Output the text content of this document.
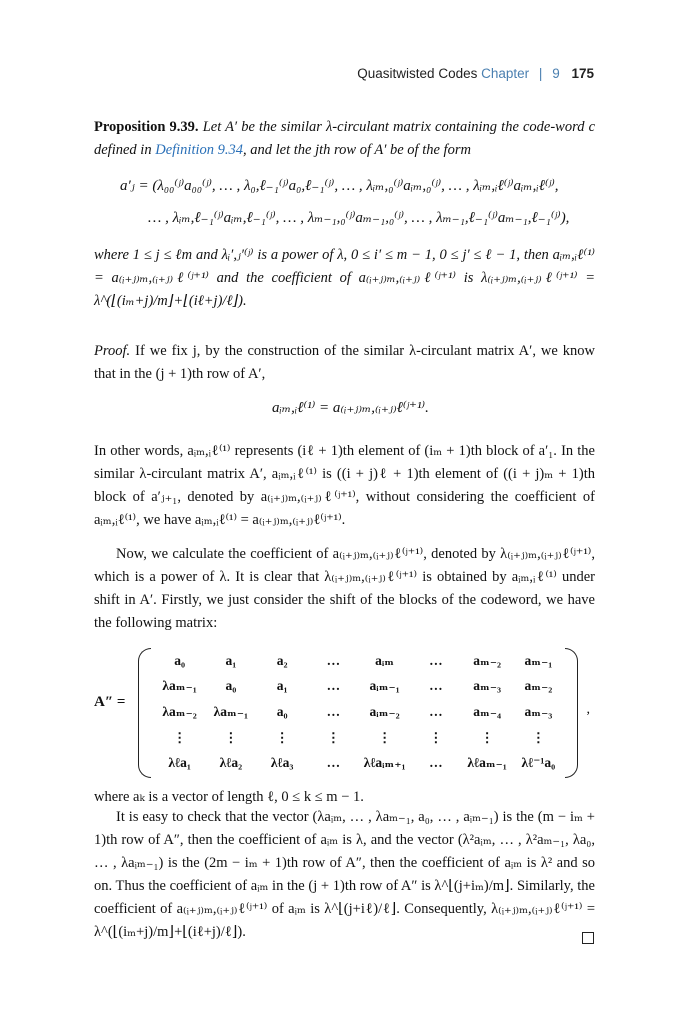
Quasitwisted Codes Chapter | 9 175
Proposition 9.39. Let A′ be the similar λ-circulant matrix containing the code-word c defined in Definition 9.34, and let the jth row of A′ be of the form
a′ⱼ = (λ₀₀⁽ʲ⁾a₀₀⁽ʲ⁾, … , λ₀,ℓ₋₁⁽ʲ⁾a₀,ℓ₋₁⁽ʲ⁾, … , λᵢₘ,₀⁽ʲ⁾aᵢₘ,₀⁽ʲ⁾, … , λᵢₘ,ᵢℓ⁽ʲ⁾aᵢₘ,ᵢℓ⁽ʲ⁾,
… , λᵢₘ,ℓ₋₁⁽ʲ⁾aᵢₘ,ℓ₋₁⁽ʲ⁾, … , λₘ₋₁,₀⁽ʲ⁾aₘ₋₁,₀⁽ʲ⁾, … , λₘ₋₁,ℓ₋₁⁽ʲ⁾aₘ₋₁,ℓ₋₁⁽ʲ⁾),
where 1 ≤ j ≤ ℓm and λᵢ′,ⱼ′⁽ʲ⁾ is a power of λ, 0 ≤ i′ ≤ m − 1, 0 ≤ j′ ≤ ℓ − 1, then aᵢₘ,ᵢℓ⁽¹⁾ = a₍ᵢ₊ⱼ₎ₘ,₍ᵢ₊ⱼ₎ℓ⁽ʲ⁺¹⁾ and the coefficient of a₍ᵢ₊ⱼ₎ₘ,₍ᵢ₊ⱼ₎ℓ⁽ʲ⁺¹⁾ is λ₍ᵢ₊ⱼ₎ₘ,₍ᵢ₊ⱼ₎ℓ⁽ʲ⁺¹⁾ = λ^(⌊(iₘ+j)/m⌋+⌊(iℓ+j)/ℓ⌋).
Proof. If we fix j, by the construction of the similar λ-circulant matrix A′, we know that in the (j + 1)th row of A′,
aᵢₘ,ᵢℓ⁽¹⁾ = a₍ᵢ₊ⱼ₎ₘ,₍ᵢ₊ⱼ₎ℓ⁽ʲ⁺¹⁾.
In other words, aᵢₘ,ᵢℓ⁽¹⁾ represents (iℓ + 1)th element of (iₘ + 1)th block of a′₁. In the similar λ-circulant matrix A′, aᵢₘ,ᵢℓ⁽¹⁾ is ((i + j)ℓ + 1)th element of ((i + j)ₘ + 1)th block of a′ⱼ₊₁, denoted by a₍ᵢ₊ⱼ₎ₘ,₍ᵢ₊ⱼ₎ℓ⁽ʲ⁺¹⁾, without considering the coefficient of aᵢₘ,ᵢℓ⁽¹⁾, we have aᵢₘ,ᵢℓ⁽¹⁾ = a₍ᵢ₊ⱼ₎ₘ,₍ᵢ₊ⱼ₎ℓ⁽ʲ⁺¹⁾.
Now, we calculate the coefficient of a₍ᵢ₊ⱼ₎ₘ,₍ᵢ₊ⱼ₎ℓ⁽ʲ⁺¹⁾, denoted by λ₍ᵢ₊ⱼ₎ₘ,₍ᵢ₊ⱼ₎ℓ⁽ʲ⁺¹⁾, which is a power of λ. It is clear that λ₍ᵢ₊ⱼ₎ₘ,₍ᵢ₊ⱼ₎ℓ⁽ʲ⁺¹⁾ is obtained by aᵢₘ,ᵢℓ⁽¹⁾ under shift in A′. Firstly, we just consider the shift of the blocks of the codeword, we have the following matrix:
A″ =
a₀	a₁	a₂	…	aᵢₘ	…	aₘ₋₂	aₘ₋₁
λaₘ₋₁	a₀	a₁	…	aᵢₘ₋₁	…	aₘ₋₃	aₘ₋₂
λaₘ₋₂	λaₘ₋₁	a₀	…	aᵢₘ₋₂	…	aₘ₋₄	aₘ₋₃
⋮	⋮	⋮	⋮	⋮	⋮	⋮	⋮
λℓa₁	λℓa₂	λℓa₃	…	λℓaᵢₘ₊₁	…	λℓaₘ₋₁	λℓ⁻¹a₀
,
where aₖ is a vector of length ℓ, 0 ≤ k ≤ m − 1.
It is easy to check that the vector (λaᵢₘ, … , λaₘ₋₁, a₀, … , aᵢₘ₋₁) is the (m − iₘ + 1)th row of A″, then the coefficient of aᵢₘ is λ, and the vector (λ²aᵢₘ, … , λ²aₘ₋₁, λa₀, … , λaᵢₘ₋₁) is the (2m − iₘ + 1)th row of A″, then the coefficient of aᵢₘ is λ² and so on. Thus the coefficient of aᵢₘ in the (j + 1)th row of A″ is λ^⌊(j+iₘ)/m⌋. Similarly, the coefficient of a₍ᵢ₊ⱼ₎ₘ,₍ᵢ₊ⱼ₎ℓ⁽ʲ⁺¹⁾ of aᵢₘ is λ^⌊(j+iℓ)/ℓ⌋. Consequently, λ₍ᵢ₊ⱼ₎ₘ,₍ᵢ₊ⱼ₎ℓ⁽ʲ⁺¹⁾ = λ^(⌊(iₘ+j)/m⌋+⌊(iℓ+j)/ℓ⌋).
